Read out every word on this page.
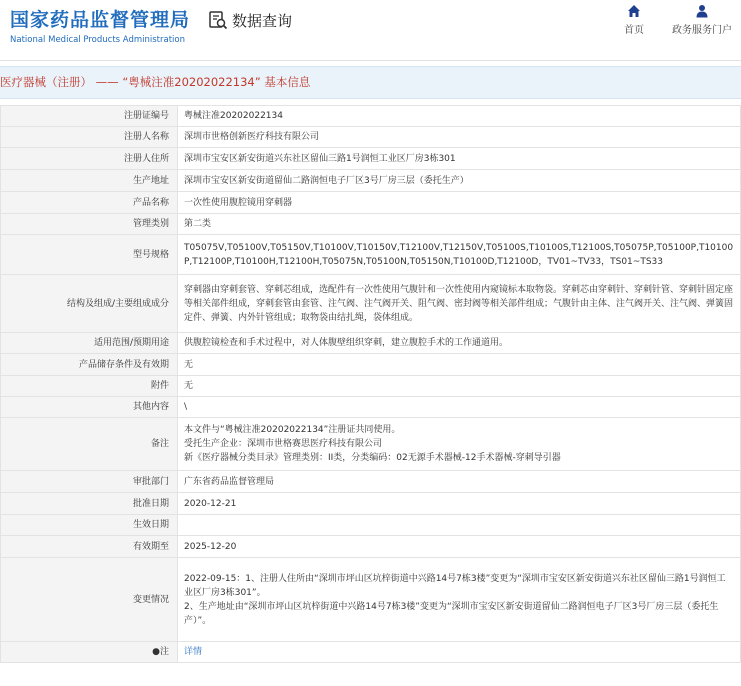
国家药品监督管理局
National Medical Products Administration
数据查询
首页	政务服务门户
医疗器械（注册） —— “粤械注准20202022134” 基本信息
注册证编号	粤械注准20202022134
注册人名称	深圳市世格创新医疗科技有限公司
注册人住所	深圳市宝安区新安街道兴东社区留仙三路1号润恒工业区厂房3栋301
生产地址	深圳市宝安区新安街道留仙二路润恒电子厂区3号厂房三层（委托生产）
产品名称	一次性使用腹腔镜用穿刺器
管理类别	第二类
型号规格	T05075V,T05100V,T05150V,T10100V,T10150V,T12100V,T12150V,T05100S,T10100S,T12100S,T05075P,T05100P,T10100P,T12100P,T10100H,T12100H,T05075N,T05100N,T05150N,T10100D,T12100D，TV01~TV33，TS01~TS33
结构及组成/主要组成成分	穿刺器由穿刺套管、穿刺芯组成，选配件有一次性使用气腹针和一次性使用内窥镜标本取物袋。穿刺芯由穿刺针、穿刺针管、穿刺针固定座等相关部件组成，穿刺套管由套管、注气阀、注气阀开关、阻气阀、密封阀等相关部件组成；气腹针由主体、注气阀开关、注气阀、弹簧固定件、弹簧、内外针管组成；取物袋由结扎绳，袋体组成。
适用范围/预期用途	供腹腔镜检查和手术过程中，对人体腹壁组织穿刺，建立腹腔手术的工作通道用。
产品储存条件及有效期	无
附件	无
其他内容	\
备注	本文件与“粤械注准20202022134”注册证共同使用。
受托生产企业：深圳市世格赛思医疗科技有限公司
新《医疗器械分类目录》管理类别：II类，分类编码：02无源手术器械-12手术器械-穿刺导引器

审批部门	广东省药品监督管理局
批准日期	2020-12-21
生效日期	
有效期至	2025-12-20
变更情况	2022-09-15：1、注册人住所由“深圳市坪山区坑梓街道中兴路14号7栋3楼”变更为“深圳市宝安区新安街道兴东社区留仙三路1号润恒工业区厂房3栋301”。
2、生产地址由“深圳市坪山区坑梓街道中兴路14号7栋3楼”变更为“深圳市宝安区新安街道留仙二路润恒电子厂区3号厂房三层（委托生产）”。

●注	详情
